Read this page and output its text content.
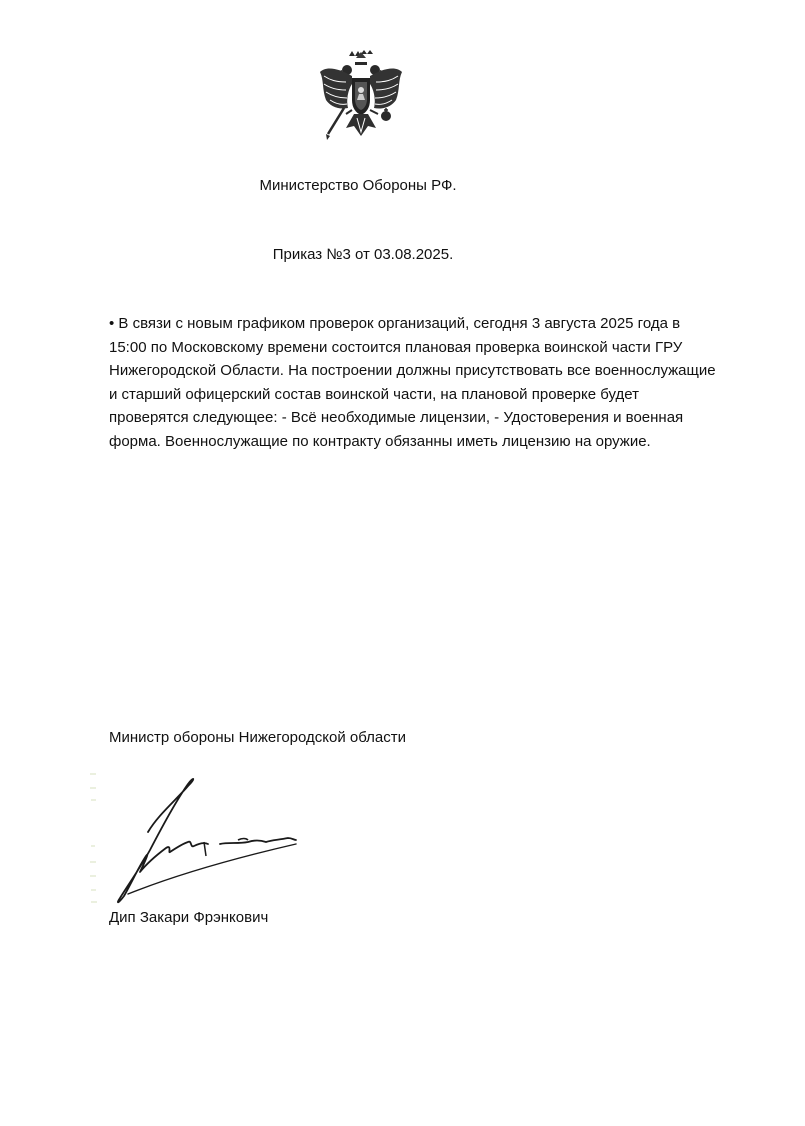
Министерство Обороны РФ.
Приказ №3 от 03.08.2025.

• В связи с новым графиком проверок организаций, сегодня 3 августа 2025 года в 15:00 по Московскому времени состоится плановая проверка воинской части ГРУ Нижегородской Области. На построении должны присутствовать все военнослужащие и старший офицерский состав воинской части, на плановой проверке будет проверятся следующее: - Всё необходимые лицензии, - Удостоверения и военная форма. Военнослужащие по контракту обязанны иметь лицензию на оружие.

Министр обороны Нижегородской области
Дип Закари Фрэнкович
